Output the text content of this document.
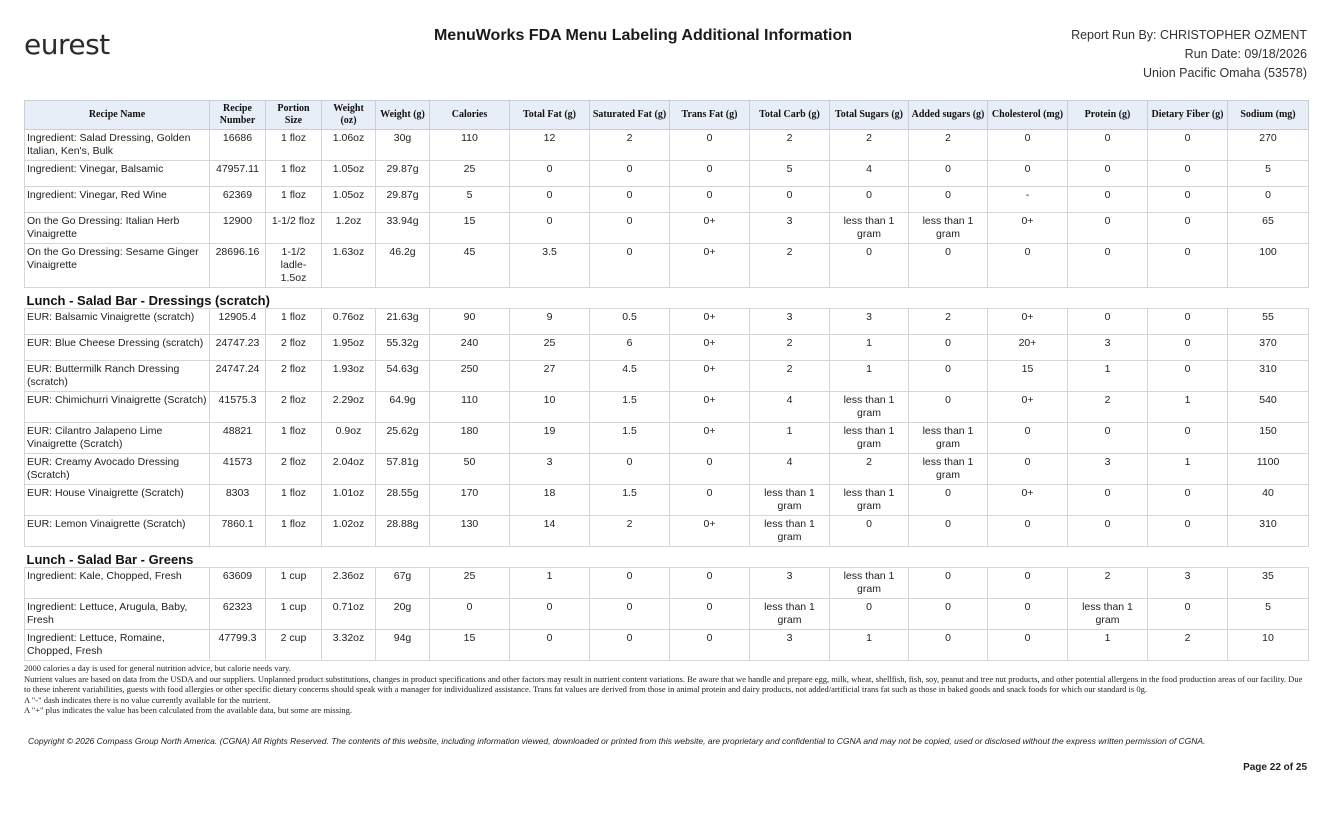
eurest	MenuWorks FDA Menu Labeling Additional Information	Report Run By: CHRISTOPHER OZMENT
Run Date: 09/18/2026
Union Pacific Omaha (53578)
Recipe Name	Recipe Number	Portion Size	Weight (oz)	Weight (g)	Calories	Total Fat (g)	Saturated Fat (g)	Trans Fat (g)	Total Carb (g)	Total Sugars (g)	Added sugars (g)	Cholesterol (mg)	Protein (g)	Dietary Fiber (g)	Sodium (mg)
Ingredient: Salad Dressing, Golden Italian, Ken's, Bulk	16686	1 floz	1.06oz	30g	110	12	2	0	2	2	2	0	0	0	270
Ingredient: Vinegar, Balsamic	47957.11	1 floz	1.05oz	29.87g	25	0	0	0	5	4	0	0	0	0	5
Ingredient: Vinegar, Red Wine	62369	1 floz	1.05oz	29.87g	5	0	0	0	0	0	0	-	0	0	0
On the Go Dressing: Italian Herb Vinaigrette	12900	1-1/2 floz	1.2oz	33.94g	15	0	0	0+	3	less than 1 gram	less than 1 gram	0+	0	0	65
On the Go Dressing: Sesame Ginger Vinaigrette	28696.16	1-1/2 ladle-1.5oz	1.63oz	46.2g	45	3.5	0	0+	2	0	0	0	0	0	100
Lunch - Salad Bar - Dressings (scratch)															
EUR: Balsamic Vinaigrette (scratch)	12905.4	1 floz	0.76oz	21.63g	90	9	0.5	0+	3	3	2	0+	0	0	55
EUR: Blue Cheese Dressing (scratch)	24747.23	2 floz	1.95oz	55.32g	240	25	6	0+	2	1	0	20+	3	0	370
EUR: Buttermilk Ranch Dressing (scratch)	24747.24	2 floz	1.93oz	54.63g	250	27	4.5	0+	2	1	0	15	1	0	310
EUR: Chimichurri Vinaigrette (Scratch)	41575.3	2 floz	2.29oz	64.9g	110	10	1.5	0+	4	less than 1 gram	0	0+	2	1	540
EUR: Cilantro Jalapeno Lime Vinaigrette (Scratch)	48821	1 floz	0.9oz	25.62g	180	19	1.5	0+	1	less than 1 gram	less than 1 gram	0	0	0	150
EUR: Creamy Avocado Dressing (Scratch)	41573	2 floz	2.04oz	57.81g	50	3	0	0	4	2	less than 1 gram	0	3	1	1100
EUR: House Vinaigrette (Scratch)	8303	1 floz	1.01oz	28.55g	170	18	1.5	0	less than 1 gram	less than 1 gram	0	0+	0	0	40
EUR: Lemon Vinaigrette (Scratch)	7860.1	1 floz	1.02oz	28.88g	130	14	2	0+	less than 1 gram	0	0	0	0	0	310
Lunch - Salad Bar - Greens															
Ingredient: Kale, Chopped, Fresh	63609	1 cup	2.36oz	67g	25	1	0	0	3	less than 1 gram	0	0	2	3	35
Ingredient: Lettuce, Arugula, Baby, Fresh	62323	1 cup	0.71oz	20g	0	0	0	0	less than 1 gram	0	0	0	less than 1 gram	0	5
Ingredient: Lettuce, Romaine, Chopped, Fresh	47799.3	2 cup	3.32oz	94g	15	0	0	0	3	1	0	0	1	2	10

2000 calories a day is used for general nutrition advice, but calorie needs vary.

Nutrient values are based on data from the USDA and our suppliers. Unplanned product substitutions, changes in product specifications and other factors may result in nutrient content variations. Be aware that we handle and prepare egg, milk, wheat, shellfish, fish, soy, peanut and tree nut products, and other potential allergens in the food production areas of our facility. Due to these inherent variabilities, guests with food allergies or other specific dietary concerns should speak with a manager for individualized assistance. Trans fat values are derived from those in animal protein and dairy products, not added/artificial trans fat such as those in baked goods and snack foods for which our standard is 0g.

A "-" dash indicates there is no value currently available for the nutrient.

A "+" plus indicates the value has been calculated from the available data, but some are missing.

Copyright © 2026 Compass Group North America. (CGNA) All Rights Reserved. The contents of this website, including information viewed, downloaded or printed from this website, are proprietary and confidential to CGNA and may not be copied, used or disclosed without the express written permission of CGNA.
Page 22 of 25
